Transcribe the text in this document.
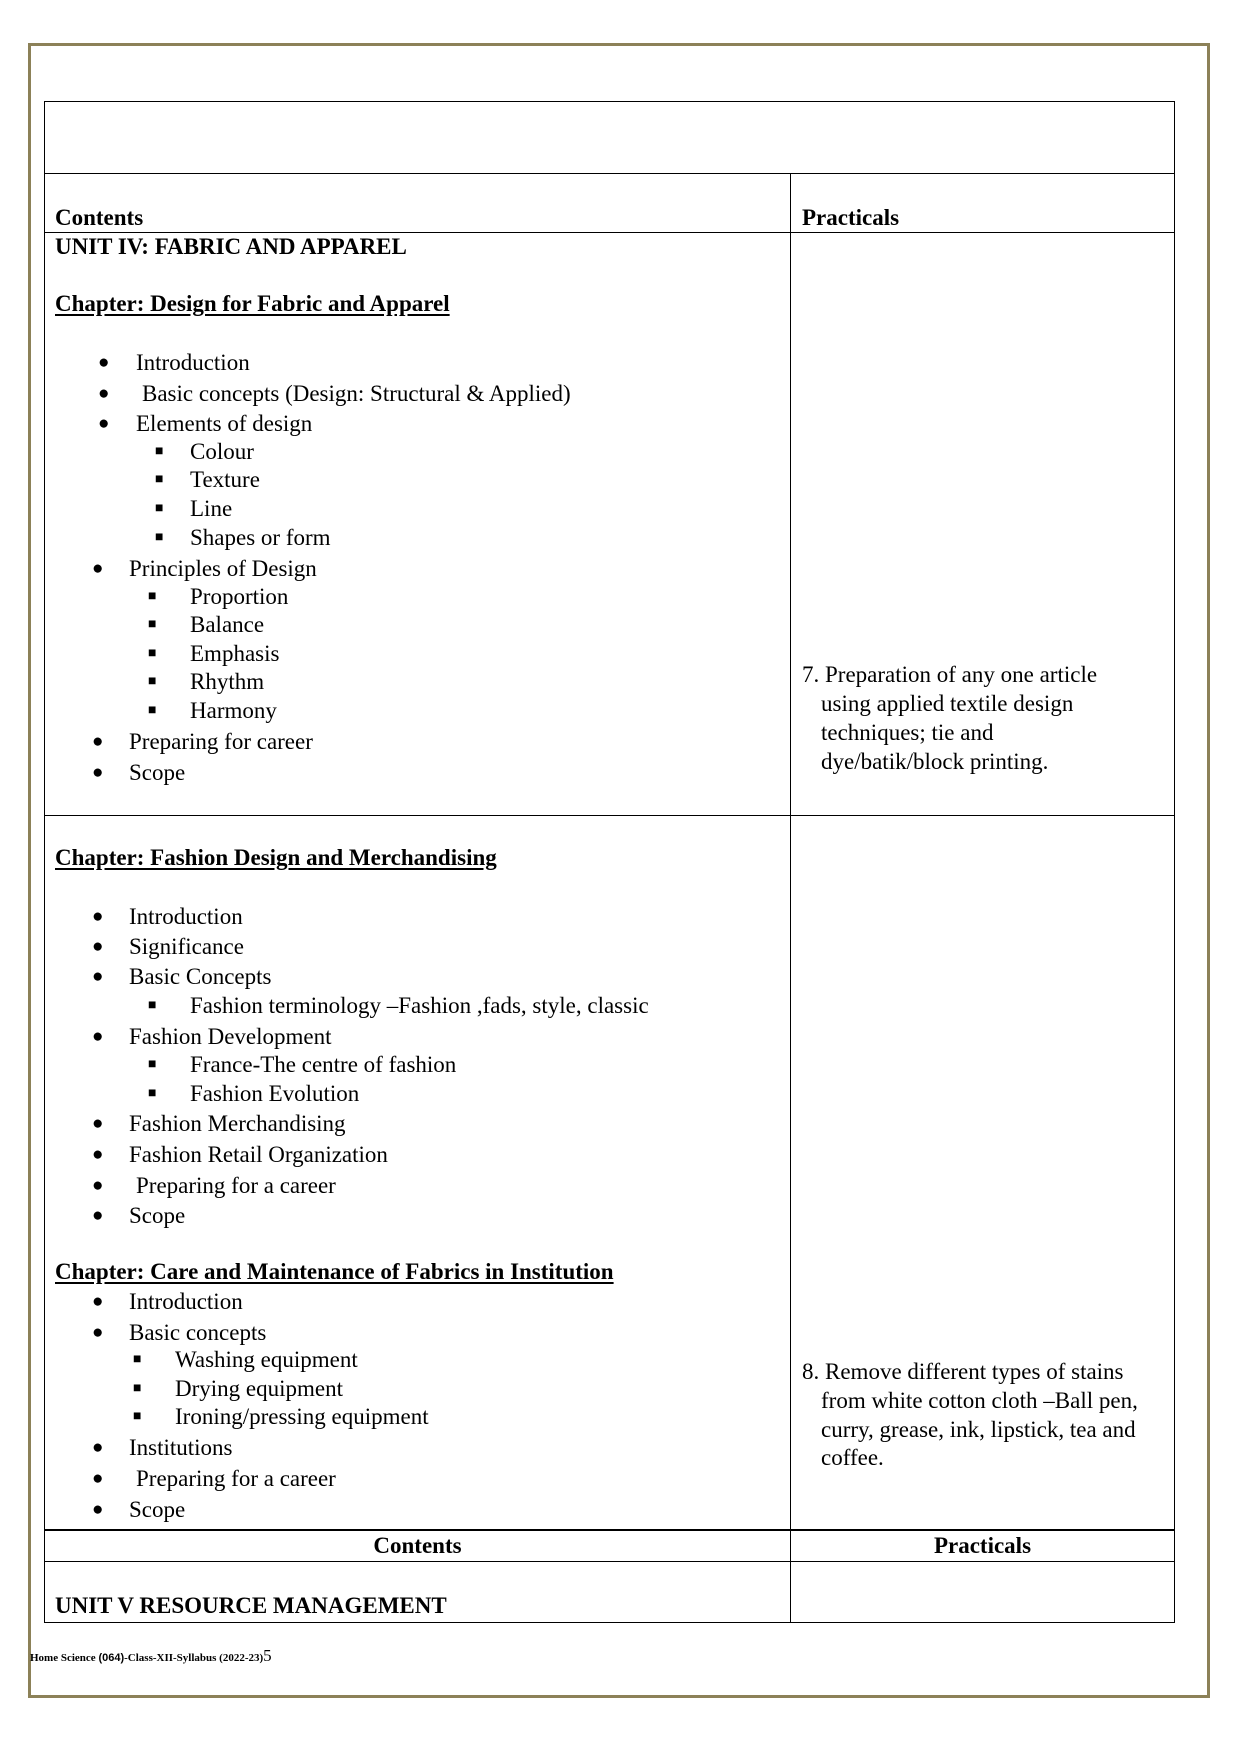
Contents	Practicals
UNIT IV: FABRIC AND APPAREL
Chapter: Design for Fabric and Apparel
● Introduction
● Basic concepts (Design: Structural & Applied)
● Elements of design
■ Colour
■ Texture
■ Line
■ Shapes or form
● Principles of Design
■ Proportion
■ Balance
■ Emphasis
■ Rhythm
■ Harmony
● Preparing for career
● Scope
7. Preparation of any one article
using applied textile design
techniques; tie and
dye/batik/block printing.
Chapter: Fashion Design and Merchandising
● Introduction
● Significance
● Basic Concepts
■ Fashion terminology –Fashion ,fads, style, classic
● Fashion Development
■ France-The centre of fashion
■ Fashion Evolution
● Fashion Merchandising
● Fashion Retail Organization
● Preparing for a career
● Scope
Chapter: Care and Maintenance of Fabrics in Institution
● Introduction
● Basic concepts
■ Washing equipment
■ Drying equipment
■ Ironing/pressing equipment
● Institutions
● Preparing for a career
● Scope
8. Remove different types of stains
from white cotton cloth –Ball pen,
curry, grease, ink, lipstick, tea and
coffee.
Contents	Practicals
UNIT V RESOURCE MANAGEMENT
Home Science (064)-Class-XII-Syllabus (2022-23)5
